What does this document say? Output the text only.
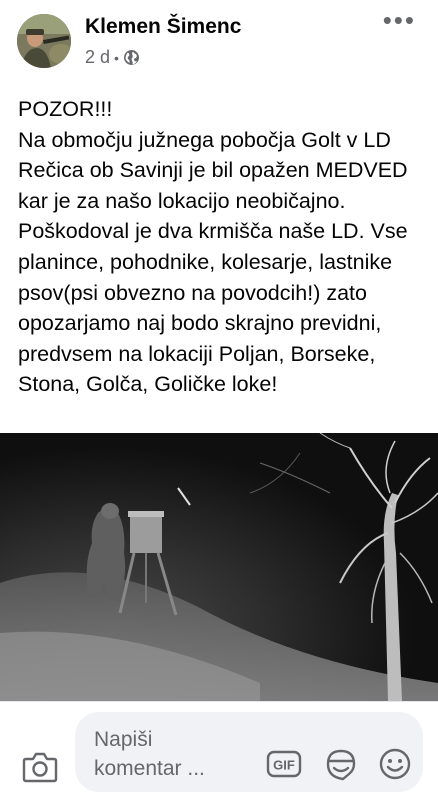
Klemen Šimenc
2 d •
•••
POZOR!!!
Na območju južnega pobočja Golt v LD Rečica ob Savinji je bil opažen MEDVED kar je za našo lokacijo neobičajno. Poškodoval je dva krmišča naše LD. Vse planince, pohodnike, kolesarje, lastnike psov(psi obvezno na povodcih!) zato opozarjamo naj bodo skrajno previdni, predvsem na lokaciji Poljan, Borseke, Stona, Golča, Goličke loke!
Napiši komentar ...	GIF
